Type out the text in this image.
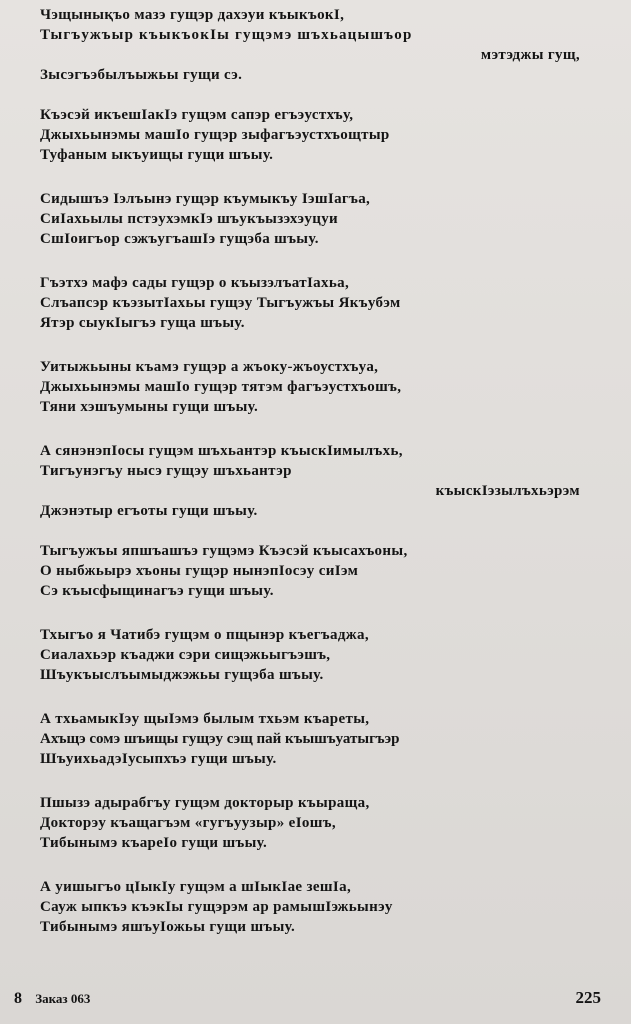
Чэщынықъо мазэ гущэр дахэуи къыкъокI,
Тыгъужъыр къыкъокIы гущэмэ шъхьацышъор
мэтэджы гущ,
Зысэгъэбылъыжьы гущи сэ.
Къэсэй икъешIакIэ гущэм сапэр егъэустхъу,
Джыхьынэмы машIо гущэр зыфагъэустхъощтыр
Туфаным ыкъуищы гущи шъыу.
Сидышъэ Iэлъынэ гущэр къумыкъу IэшIагъа,
СиIахьылы пстэухэмкIэ шъукъызэхэуцуи
СшIоигъор сэжъугъашIэ гущэба шъыу.
Гъэтхэ мафэ сады гущэр о къызэлъатIахьа,
Слъапсэр къэзытIахьы гущэу Тыгъужъы Якъубэм
Ятэр сыукIыгъэ гуща шъыу.
Уитыжьыны къамэ гущэр а жъоку-жъоустхъуа,
Джыхьынэмы машIо гущэр тятэм фагъэустхъошъ,
Тяни хэшъумыны гущи шъыу.
А сянэнэпIосы гущэм шъхьантэр къыскIимылъхь,
Тигъунэгъу нысэ гущэу шъхьантэр
къыскIэзылъхьэрэм
Джэнэтыр егъоты гущи шъыу.
Тыгъужъы япшъашъэ гущэмэ Къэсэй къысахъоны,
О ныбжьырэ хъоны гущэр нынэпIосэу сиIэм
Сэ къысфыщинагъэ гущи шъыу.
Тхыгъо я Чатибэ гущэм о пщынэр къегъаджа,
Сиалахьэр къаджи сэри сищэжьыгъэшъ,
Шъукъыслъымыджэжьы гущэба шъыу.
А тхьамыкIэу щыIэмэ былым тхьэм къареты,
Ахъщэ сомэ шъищы гущэу сэщ пай къышъуатыгъэр
ШъуихьадэIусыпхъэ гущи шъыу.
Пшызэ адырабгъу гущэм докторыр къыраща,
Докторэу къащагъэм «гугъуузыр» еIошъ,
Тибынымэ къареIо гущи шъыу.
А уишыгъо цIыкIу гущэм а шIыкIае зешIа,
Сауж ыпкъэ къэкIы гущэрэм ар рамышIэжьынэу
Тибынымэ яшъуIожьы гущи шъыу.
8 Заказ 063	225
